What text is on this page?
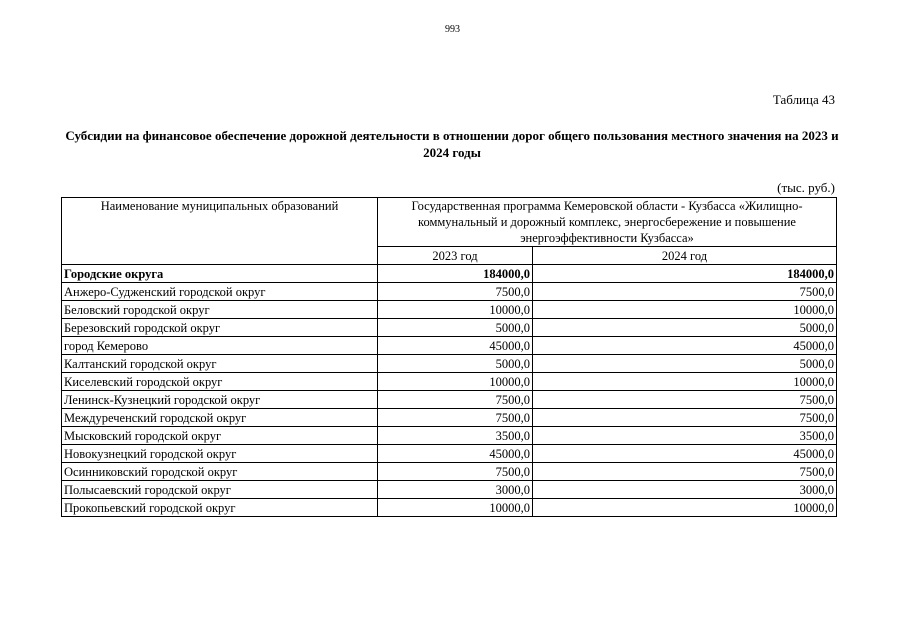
993
Таблица 43
Субсидии на финансовое обеспечение дорожной деятельности в отношении дорог общего пользования местного значения на 2023 и 2024 годы
(тыс. руб.)
Наименование муниципальных образований	Государственная программа Кемеровской области - Кузбасса «Жилищно-коммунальный и дорожный комплекс, энергосбережение и повышение энергоэффективности Кузбасса»	
	2023 год	2024 год
Городские округа	184000,0	184000,0
Анжеро-Судженский городской округ	7500,0	7500,0
Беловский городской округ	10000,0	10000,0
Березовский городской округ	5000,0	5000,0
город Кемерово	45000,0	45000,0
Калтанский городской округ	5000,0	5000,0
Киселевский городской округ	10000,0	10000,0
Ленинск-Кузнецкий городской округ	7500,0	7500,0
Междуреченский городской округ	7500,0	7500,0
Мысковский городской округ	3500,0	3500,0
Новокузнецкий городской округ	45000,0	45000,0
Осинниковский городской округ	7500,0	7500,0
Полысаевский городской округ	3000,0	3000,0
Прокопьевский городской округ	10000,0	10000,0
